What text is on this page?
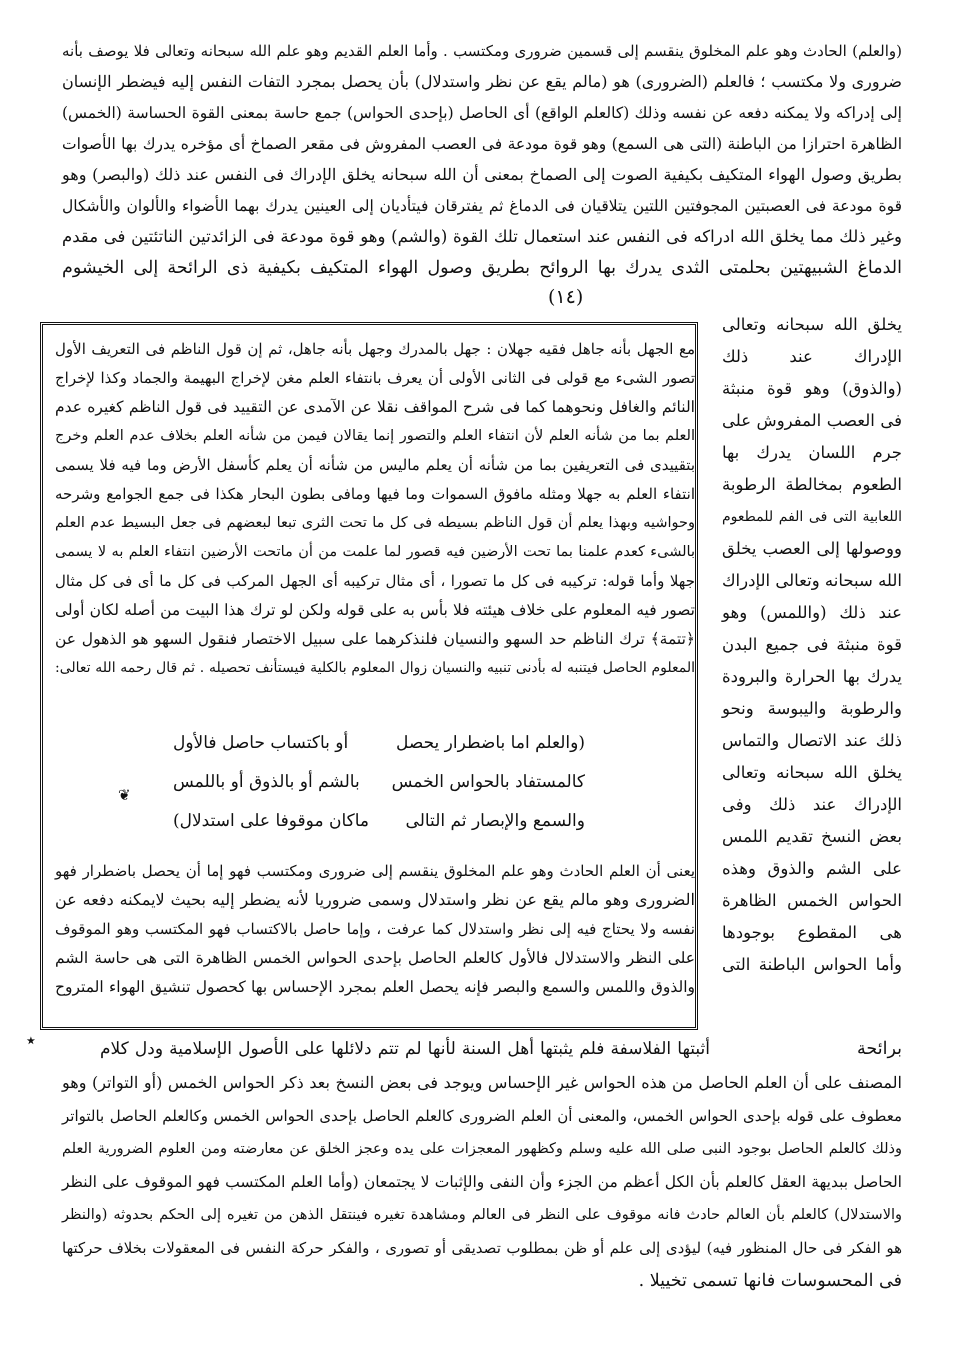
(والعلم) الحادث وهو علم المخلوق ينقسم إلى قسمين ضرورى ومكتسب . وأما العلم القديم وهو علم الله سبحانه وتعالى فلا يوصف بأنه
ضرورى ولا مكتسب ؛ فالعلم (الضرورى) هو (مالم يقع عن نظر واستدلال) بأن يحصل بمجرد التفات النفس إليه فيضطر الإنسان
إلى إدراكه ولا يمكنه دفعه عن نفسه وذلك (كالعلم الواقع) أى الحاصل (بإحدى الحواس) جمع حاسة بمعنى القوة الحساسة (الخمس)
الظاهرة احترازا من الباطنة (التى هى السمع) وهو قوة مودعة فى العصب المفروش فى مقعر الصماخ أى مؤخره يدرك بها الأصوات
بطريق وصول الهواء المتكيف بكيفية الصوت إلى الصماخ بمعنى أن الله سبحانه يخلق الإدراك فى النفس عند ذلك (والبصر) وهو
قوة مودعة فى العصبتين المجوفتين اللتين يتلاقيان فى الدماغ ثم يفترقان فيتأديان إلى العينين يدرك بهما الأضواء والألوان والأشكال
وغير ذلك مما يخلق الله ادراكه فى النفس عند استعمال تلك القوة (والشم) وهو قوة مودعة فى الزائدتين الناتئتين فى مقدم
الدماغ الشبيهتين بحلمتى الثدى يدرك بها الروائح بطريق وصول الهواء المتكيف بكيفية ذى الرائحة إلى الخيشوم
(١٤)
يخلق الله سبحانه وتعالى
الإدراك عند ذلك
(والذوق) وهو قوة منبثة
فى العصب المفروش على
جرم اللسان يدرك بها
الطعوم بمخالطة الرطوبة
اللعابية التى فى الفم للمطعوم
ووصولها إلى العصب يخلق
الله سبحانه وتعالى الإدراك
عند ذلك (واللمس) وهو
قوة منبثة فى جميع البدن
يدرك بها الحرارة والبرودة
والرطوبة واليبوسة ونحو
ذلك عند الاتصال والتماس
يخلق الله سبحانه وتعالى
الإدراك عند ذلك وفى
بعض النسخ تقديم اللمس
على الشم والذوق وهذه
الحواس الخمس الظاهرة
هى المقطوع بوجودها
وأما الحواس الباطنة التى
مع الجهل بأنه جاهل فقيه جهلان : جهل بالمدرك وجهل بأنه جاهل، ثم إن قول الناظم فى التعريف الأول
تصور الشىء مع قولى فى الثانى الأولى أن يعرف بانتفاء العلم مغن لإخراج البهيمة والجماد وكذا لإخراج
النائم والغافل ونحوهما كما فى شرح المواقف نقلا عن الآمدى عن التقييد فى قول الناظم كغيره عدم
العلم بما من شأنه العلم لأن انتفاء العلم والتصور إنما يقالان فيمن من شأنه العلم بخلاف عدم العلم وخرج
بتقييدى فى التعريفين بما من شأنه أن يعلم ماليس من شأنه أن يعلم كأسفل الأرض وما فيه فلا يسمى
انتفاء العلم به جهلا ومثله مافوق السموات وما فيها ومافى بطون البحار هكذا فى جمع الجوامع وشرحه
وحواشيه وبهذا يعلم أن قول الناظم بسيطه فى كل ما تحت الثرى تبعا لبعضهم فى جعل البسيط عدم العلم
بالشىء كعدم علمنا بما تحت الأرضين فيه قصور لما علمت من أن ماتحت الأرضين انتفاء العلم به لا يسمى
جهلا وأما قوله: تركيبه فى كل ما تصورا ، أى مثال تركيبه أى الجهل المركب فى كل ما أى فى كل مثال
تصور فيه المعلوم على خلاف هيئته فلا بأس به على قوله ولكن لو ترك هذا البيت من أصله لكان أولى
﴿تتمة﴾ ترك الناظم حد السهو والنسيان فلنذكرهما على سبيل الاختصار فنقول السهو هو الذهول عن
المعلوم الحاصل فيتنبه له بأدنى تنبيه والنسيان زوال المعلوم بالكلية فيستأنف تحصيله . ثم قال رحمه الله تعالى:
(والعلم اما باضطرار يحصل
أو باكتساب حاصل فالأول
كالمستفاد بالحواس الخمس
بالشم أو بالذوق أو باللمس
والسمع والإبصار ثم التالى
ماكان موقوفا على استدلال)
يعنى أن العلم الحادث وهو علم المخلوق ينقسم إلى ضرورى ومكتسب فهو إما أن يحصل باضطرار فهو
الضرورى وهو مالم يقع عن نظر واستدلال وسمى ضروريا لأنه يضطر إليه بحيث لايمكنه دفعه عن
نفسه ولا يحتاج فيه إلى نظر واستدلال كما عرفت ، وإما حاصل بالاكتساب فهو المكتسب وهو الموقوف
على النظر والاستدلال فالأول كالعلم الحاصل بإحدى الحواس الخمس الظاهرة التى هى حاسة الشم
والذوق واللمس والسمع والبصر فإنه يحصل العلم بمجرد الإحساس بها كحصول تنشيق الهواء المتروح
❦
أثبتها الفلاسفة فلم يثبتها أهل السنة لأنها لم تتم دلائلها على الأصول الإسلامية ودل كلام	برائحة
٭
المصنف على أن العلم الحاصل من هذه الحواس غير الإحساس ويوجد فى بعض النسخ بعد ذكر الحواس الخمس (أو التواتر) وهو
معطوف على قوله بإحدى الحواس الخمس، والمعنى أن العلم الضرورى كالعلم الحاصل بإحدى الحواس الخمس وكالعلم الحاصل بالتواتر
وذلك كالعلم الحاصل بوجود النبى صلى الله عليه وسلم وكظهور المعجزات على يده وعجز الخلق عن معارضته ومن العلوم الضرورية العلم
الحاصل ببديهة العقل كالعلم بأن الكل أعظم من الجزء وأن النفى والإثبات لا يجتمعان (وأما العلم المكتسب فهو الموقوف على النظر
والاستدلال) كالعلم بأن العالم حادث فانه موقوف على النظر فى العالم ومشاهدة تغيره فينتقل الذهن من تغيره إلى الحكم بحدوثه (والنظر
هو الفكر فى حال المنظور فيه) ليؤدى إلى علم أو ظن بمطلوب تصديقى أو تصورى ، والفكر حركة النفس فى المعقولات بخلاف حركتها
فى المحسوسات فانها تسمى تخييلا .
